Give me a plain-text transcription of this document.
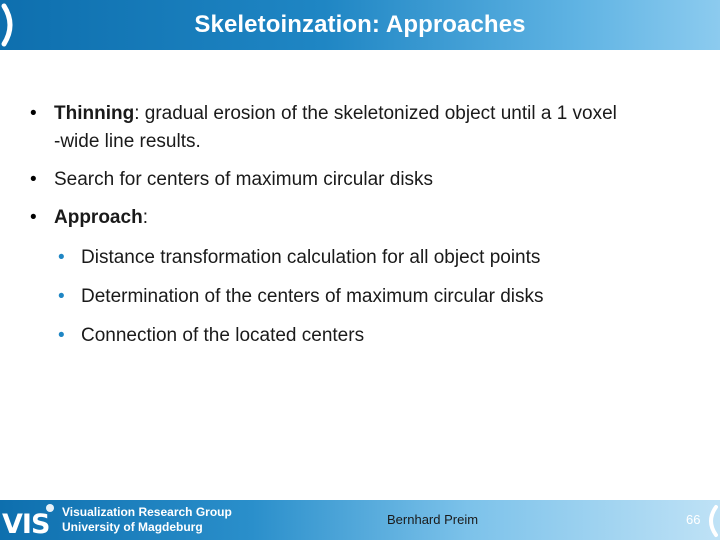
Skeletoinzation: Approaches
• Thinning: gradual erosion of the skeletonized object until a 1 voxel
-wide line results.
• Search for centers of maximum circular disks
• Approach:
• Distance transformation calculation for all object points
• Determination of the centers of maximum circular disks
• Connection of the located centers
VIS Visualization Research Group
University of Magdeburg	Bernhard Preim	66
